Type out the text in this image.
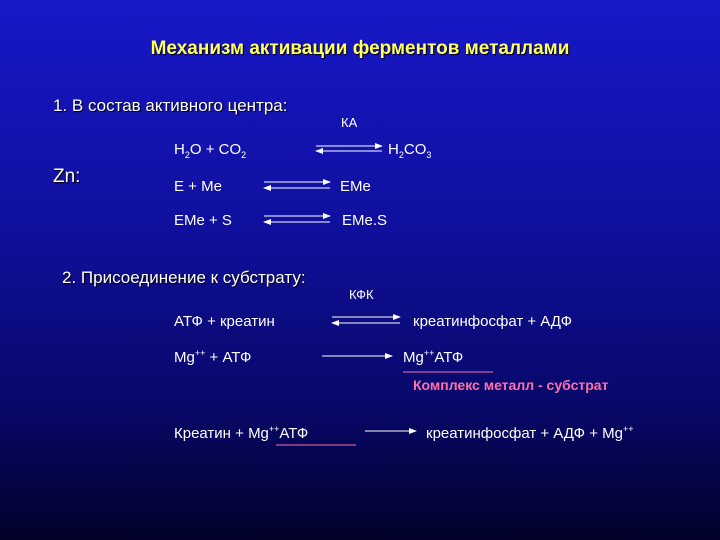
Механизм активации ферментов металлами
1. В состав активного центра:
Zn:
КА
$H_2O + CO_2$	$H_2CO_3$
E + Me	EMe
EMe + S	EMe.S
2. Присоединение к субстрату:
КФК
АТФ + креатин	креатинфосфат + АДФ
Mg++ + АТФ	Mg++АТФ
Комплекс металл - субстрат
Креатин + Mg++АТФ	креатинфосфат + АДФ + Mg++
